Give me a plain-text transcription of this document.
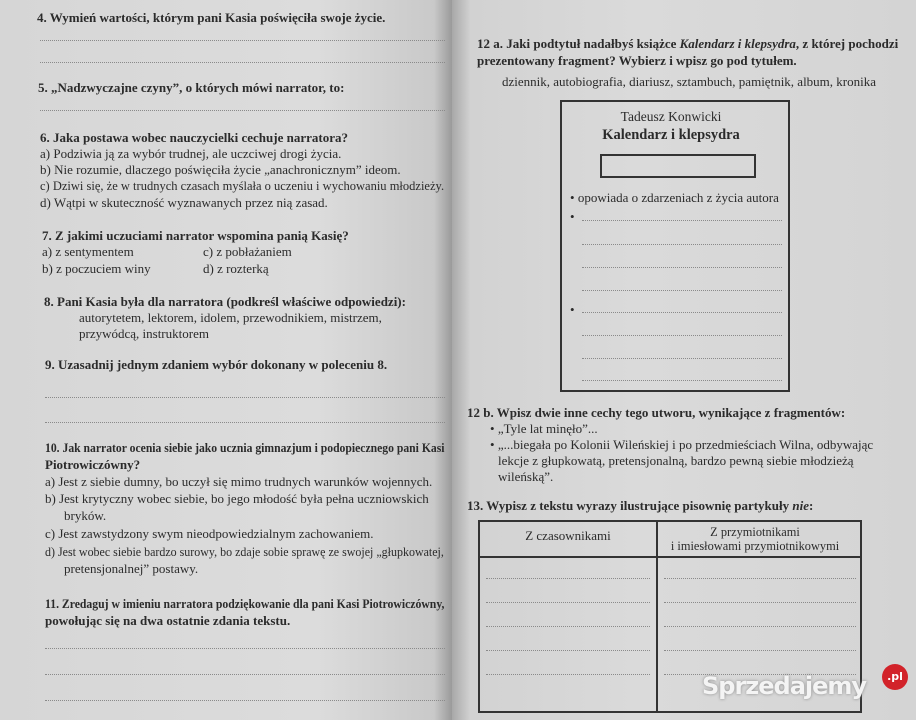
4. Wymień wartości, którym pani Kasia poświęciła swoje życie.
5. „Nadzwyczajne czyny”, o których mówi narrator, to:
6. Jaka postawa wobec nauczycielki cechuje narratora?
a) Podziwia ją za wybór trudnej, ale uczciwej drogi życia.
b) Nie rozumie, dlaczego poświęciła życie „anachronicznym” ideom.
c) Dziwi się, że w trudnych czasach myślała o uczeniu i wychowaniu młodzieży.
d) Wątpi w skuteczność wyznawanych przez nią zasad.
7. Z jakimi uczuciami narrator wspomina panią Kasię?
a) z sentymentem	c) z pobłażaniem
b) z poczuciem winy	d) z rozterką
8. Pani Kasia była dla narratora (podkreśl właściwe odpowiedzi):
autorytetem, lektorem, idolem, przewodnikiem, mistrzem,
przywódcą, instruktorem
9. Uzasadnij jednym zdaniem wybór dokonany w poleceniu 8.
10. Jak narrator ocenia siebie jako ucznia gimnazjum i podopiecznego pani Kasi
Piotrowiczówny?
a) Jest z siebie dumny, bo uczył się mimo trudnych warunków wojennych.
b) Jest krytyczny wobec siebie, bo jego młodość była pełna uczniowskich
bryków.
c) Jest zawstydzony swym nieodpowiedzialnym zachowaniem.
d) Jest wobec siebie bardzo surowy, bo zdaje sobie sprawę ze swojej „głupkowatej,
pretensjonalnej” postawy.
11. Zredaguj w imieniu narratora podziękowanie dla pani Kasi Piotrowiczówny,
powołując się na dwa ostatnie zdania tekstu.
12 a. Jaki podtytuł nadałbyś książce Kalendarz i klepsydra, z której pochodzi
prezentowany fragment? Wybierz i wpisz go pod tytułem.
dziennik, autobiografia, diariusz, sztambuch, pamiętnik, album, kronika
Tadeusz Konwicki
Kalendarz i klepsydra
• opowiada o zdarzeniach z życia autora
•
•
12 b. Wpisz dwie inne cechy tego utworu, wynikające z fragmentów:
• „Tyle lat minęło”...
• „...biegała po Kolonii Wileńskiej i po przedmieściach Wilna, odbywając
lekcje z głupkowatą, pretensjonalną, bardzo pewną siebie młodzieżą
wileńską”.
13. Wypisz z tekstu wyrazy ilustrujące pisownię partykuły nie:
Z czasownikami	Z przymiotnikami
i imiesłowami przymiotnikowymi
Sprzedajemy	.pl
